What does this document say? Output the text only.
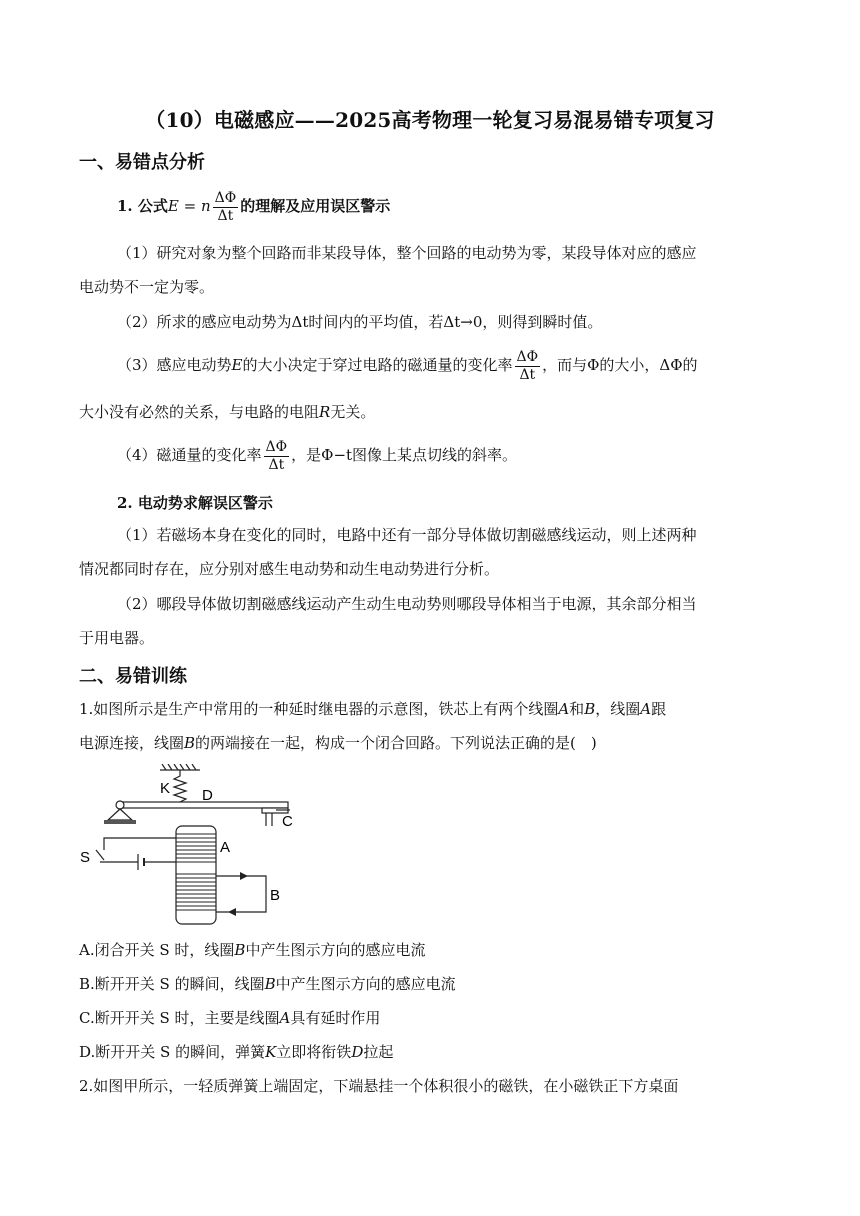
（10）电磁感应——2025高考物理一轮复习易混易错专项复习
一、易错点分析
1. 公式E = n $\frac{\Delta\Phi}{\Delta t}$ 的理解及应用误区警示
（1）研究对象为整个回路而非某段导体，整个回路的电动势为零，某段导体对应的感应
电动势不一定为零。
（2）所求的感应电动势为Δt时间内的平均值，若Δt→0，则得到瞬时值。
（3）感应电动势E的大小决定于穿过电路的磁通量的变化率 $\frac{\Delta\Phi}{\Delta t}$ ，而与Φ的大小，ΔΦ的
大小没有必然的关系，与电路的电阻R无关。
（4）磁通量的变化率 $\frac{\Delta\Phi}{\Delta t}$ ，是Φ−t图像上某点切线的斜率。
2. 电动势求解误区警示
（1）若磁场本身在变化的同时，电路中还有一部分导体做切割磁感线运动，则上述两种
情况都同时存在，应分别对感生电动势和动生电动势进行分析。
（2）哪段导体做切割磁感线运动产生动生电动势则哪段导体相当于电源，其余部分相当
于用电器。
二、易错训练
1.如图所示是生产中常用的一种延时继电器的示意图，铁芯上有两个线圈A和B，线圈A跟
电源连接，线圈B的两端接在一起，构成一个闭合回路。下列说法正确的是(　)
K D
C
A
B
S
A.闭合开关 S 时，线圈B中产生图示方向的感应电流
B.断开开关 S 的瞬间，线圈B中产生图示方向的感应电流
C.断开开关 S 时，主要是线圈A具有延时作用
D.断开开关 S 的瞬间，弹簧K立即将衔铁D拉起
2.如图甲所示，一轻质弹簧上端固定，下端悬挂一个体积很小的磁铁，在小磁铁正下方桌面
